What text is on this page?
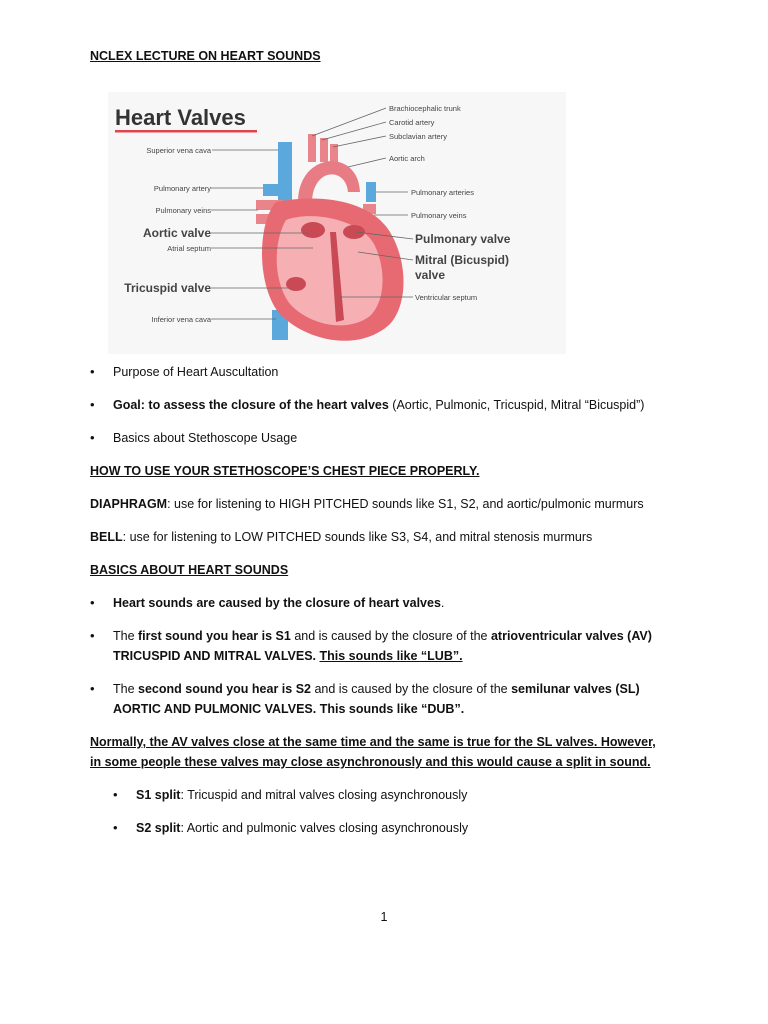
NCLEX LECTURE ON HEART SOUNDS
Heart Valves
Superior vena cava
Pulmonary artery
Pulmonary veins
Aortic valve
Atrial septum
Tricuspid valve
Inferior vena cava
Brachiocephalic trunk
Carotid artery
Subclavian artery
Aortic arch
Pulmonary arteries
Pulmonary veins
Pulmonary valve
Mitral (Bicuspid)
valve
Ventricular septum
• Purpose of Heart Auscultation
• Goal: to assess the closure of the heart valves (Aortic, Pulmonic, Tricuspid, Mitral “Bicuspid”)
• Basics about Stethoscope Usage
HOW TO USE YOUR STETHOSCOPE’S CHEST PIECE PROPERLY.
DIAPHRAGM: use for listening to HIGH PITCHED sounds like S1, S2, and aortic/pulmonic murmurs
BELL: use for listening to LOW PITCHED sounds like S3, S4, and mitral stenosis murmurs
BASICS ABOUT HEART SOUNDS
• Heart sounds are caused by the closure of heart valves.
• The first sound you hear is S1 and is caused by the closure of the atrioventricular valves (AV) TRICUSPID AND MITRAL VALVES. This sounds like “LUB”.
• The second sound you hear is S2 and is caused by the closure of the semilunar valves (SL) AORTIC AND PULMONIC VALVES. This sounds like “DUB”.
Normally, the AV valves close at the same time and the same is true for the SL valves. However, in some people these valves may close asynchronously and this would cause a split in sound.
• S1 split: Tricuspid and mitral valves closing asynchronously
• S2 split: Aortic and pulmonic valves closing asynchronously
1
